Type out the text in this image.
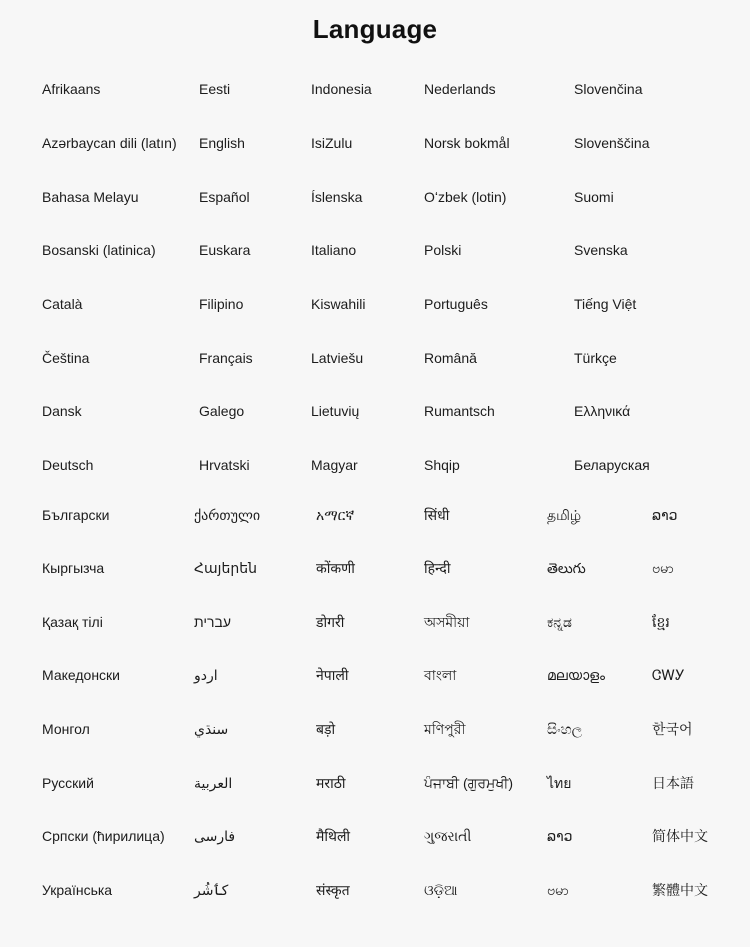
Language
Afrikaans
Azərbaycan dili (latın)
Bahasa Melayu
Bosanski (latinica)
Català
Čeština
Dansk
Deutsch
Eesti
English
Español
Euskara
Filipino
Français
Galego
Hrvatski
Indonesia
IsiZulu
Íslenska
Italiano
Kiswahili
Latviešu
Lietuvių
Magyar
Nederlands
Norsk bokmål
Oʻzbek (lotin)
Polski
Português
Română
Rumantsch
Shqip
Slovenčina
Slovenščina
Suomi
Svenska
Tiếng Việt
Türkçe
Ελληνικά
Беларуская
Български
Кыргызча
Қазақ тілі
Македонски
Монгол
Русский
Српски (ћирилица)
Українська
ქართული
Հայերեն
עברית
اردو
سنڌي
العربية
فارسی
کٲشُر
አማርኛ
कोंकणी
डोगरी
नेपाली
बड़ो
मराठी
मैथिली
संस्कृत
सिंधी
हिन्दी
অসমীয়া
বাংলা
মণিপুরী
ਪੰਜਾਬੀ (ਗੁਰਮੁਖੀ)
ગુજરાતી
ଓଡ଼ିଆ
தமிழ்
తెలుగు
ಕನ್ನಡ
മലയാളം
සිංහල
ไทย
ລາວ
ဗမာ
ລາວ
ဗမာ
ខ្មែរ
ᏣᎳᎩ
한국어
日本語
简体中文
繁體中文
